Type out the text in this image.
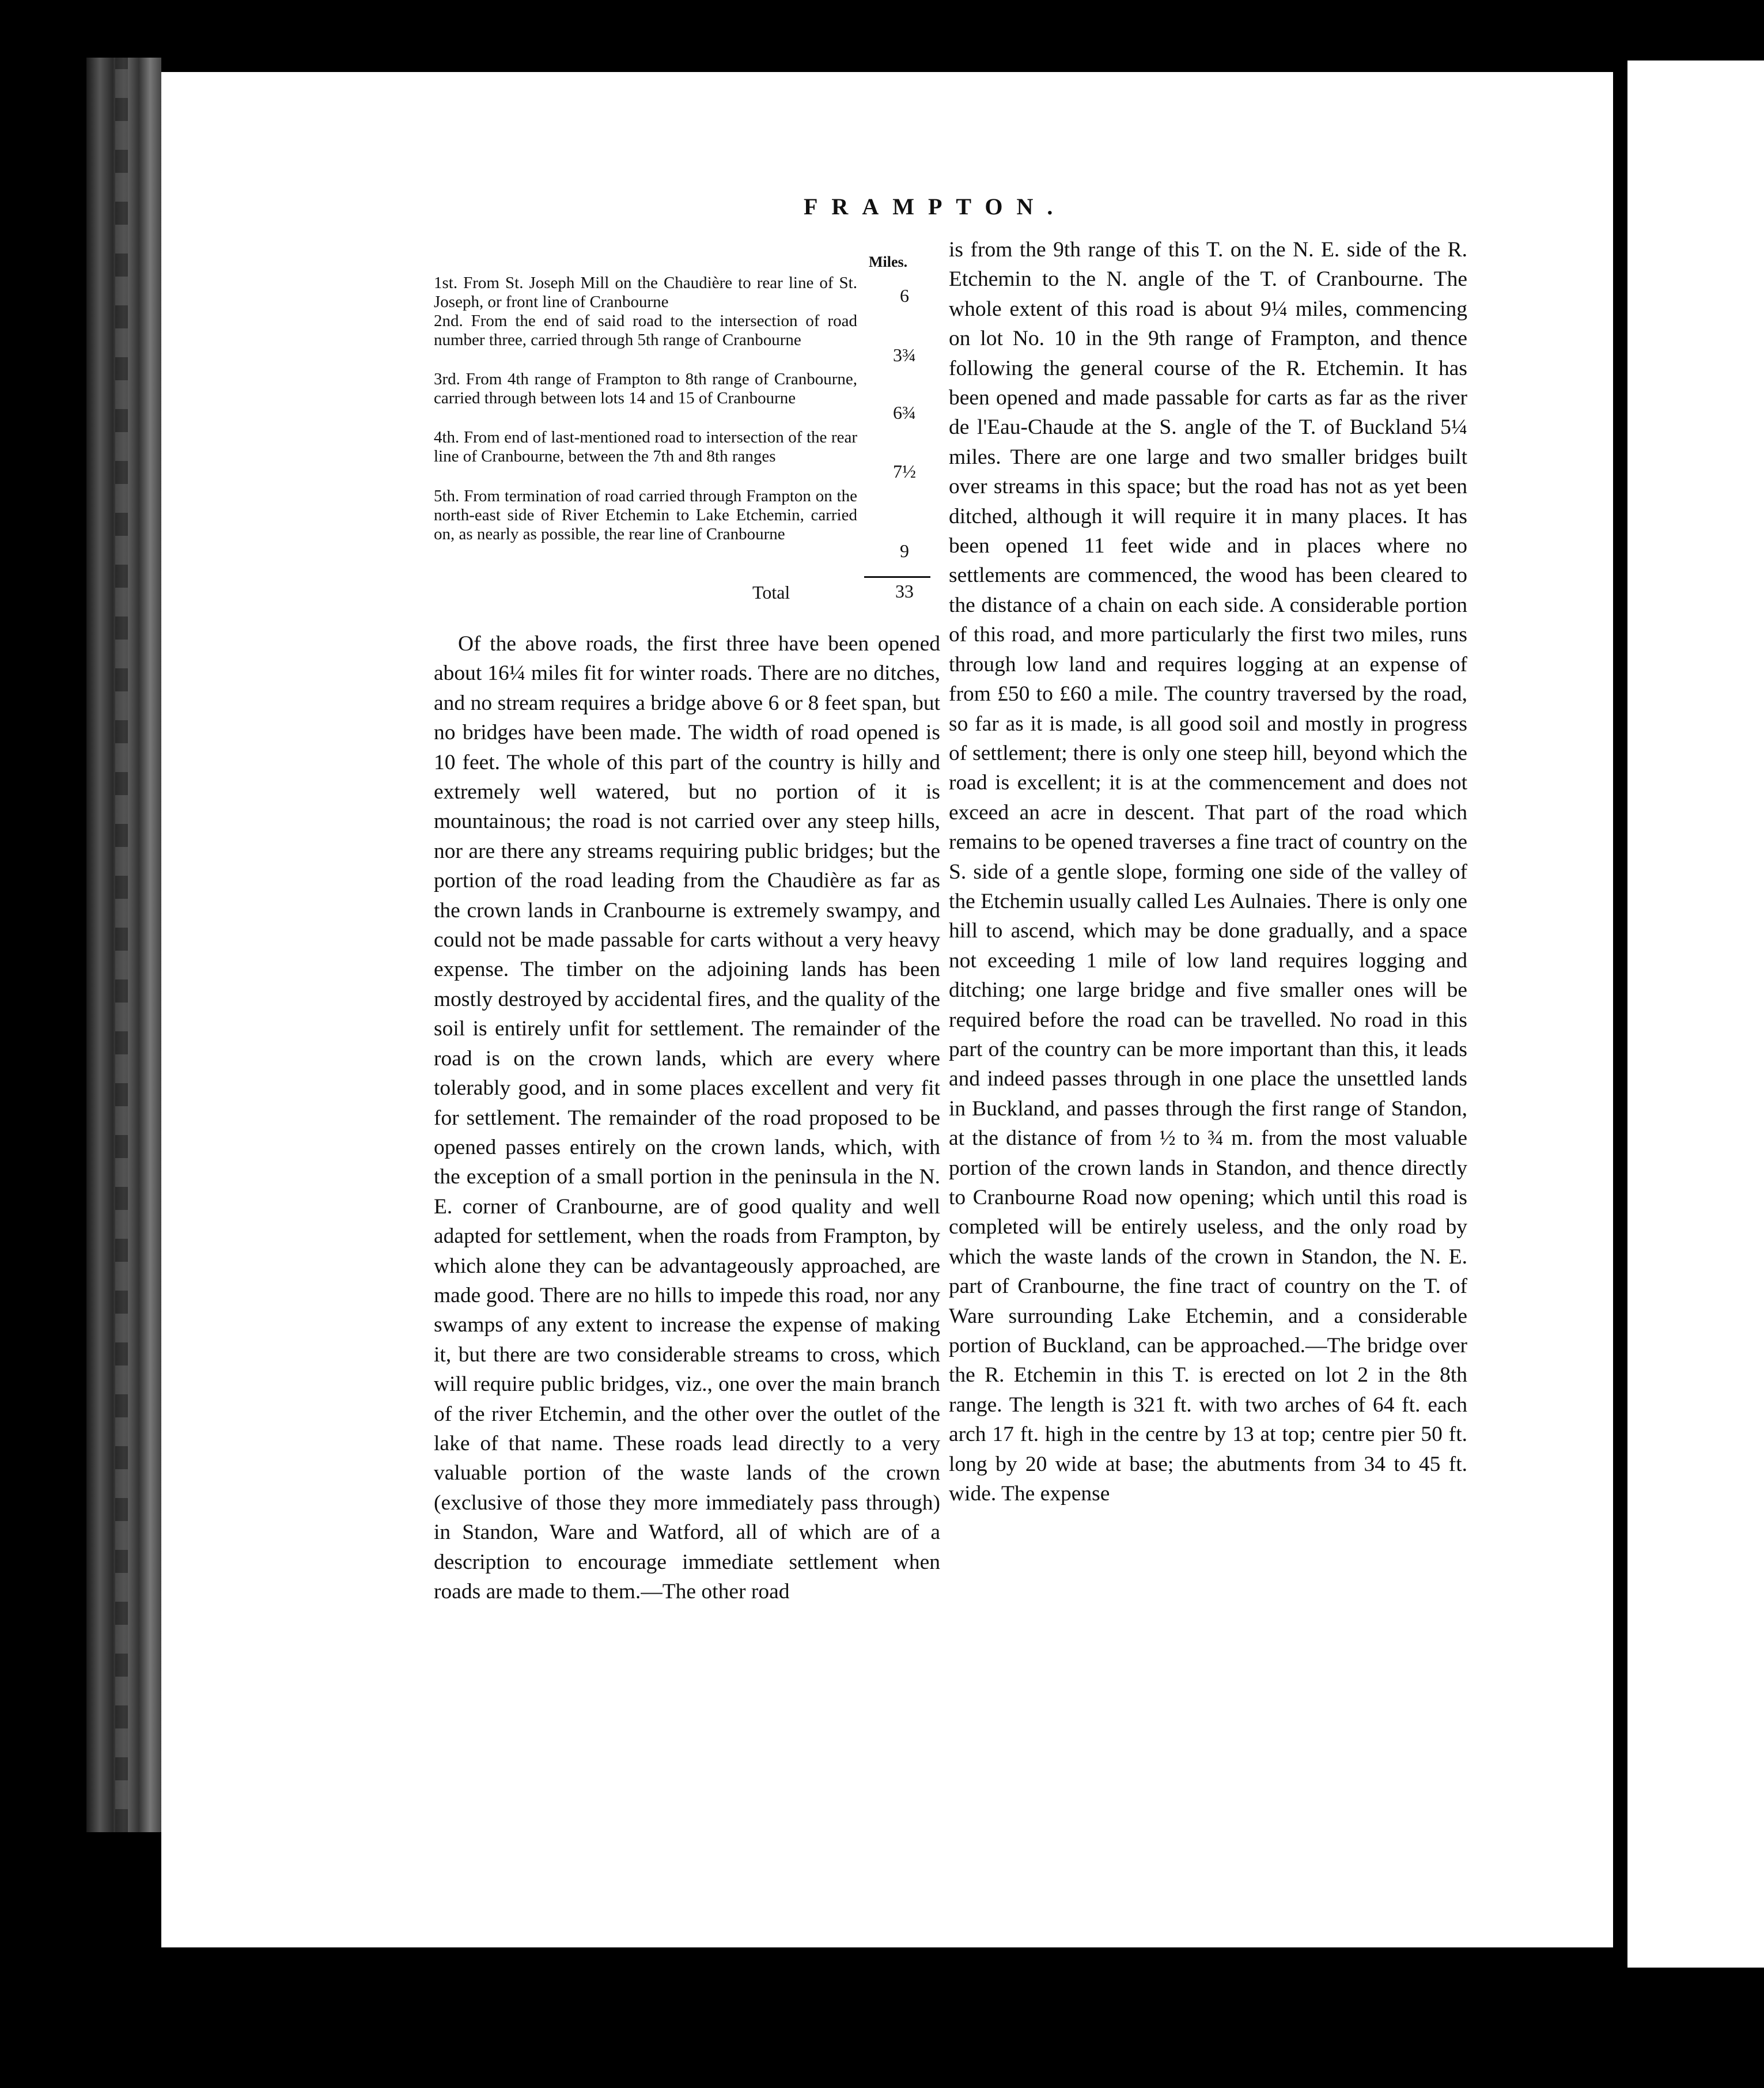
FRAMPTON.
Miles.
1st. From St. Joseph Mill on the Chaudière to rear line of St. Joseph, or front line of Cranbourne	6
2nd. From the end of said road to the intersection of road number three, carried through 5th range of Cranbourne
3¾
3rd. From 4th range of Frampton to 8th range of Cranbourne, carried through between lots 14 and 15 of Cranbourne
6¾
4th. From end of last-mentioned road to intersection of the rear line of Cranbourne, between the 7th and 8th ranges
7½
5th. From termination of road carried through Frampton on the north-east side of River Etchemin to Lake Etchemin, carried on, as nearly as possible, the rear line of Cranbourne
9
Total	33

Of the above roads, the first three have been opened about 16¼ miles fit for winter roads. There are no ditches, and no stream requires a bridge above 6 or 8 feet span, but no bridges have been made. The width of road opened is 10 feet. The whole of this part of the country is hilly and extremely well watered, but no portion of it is mountainous; the road is not carried over any steep hills, nor are there any streams requiring public bridges; but the portion of the road leading from the Chaudière as far as the crown lands in Cranbourne is extremely swampy, and could not be made passable for carts without a very heavy expense. The timber on the adjoining lands has been mostly destroyed by accidental fires, and the quality of the soil is entirely unfit for settlement. The remainder of the road is on the crown lands, which are every where tolerably good, and in some places excellent and very fit for settlement. The remainder of the road proposed to be opened passes entirely on the crown lands, which, with the exception of a small portion in the peninsula in the N. E. corner of Cranbourne, are of good quality and well adapted for settlement, when the roads from Frampton, by which alone they can be advantageously approached, are made good. There are no hills to impede this road, nor any swamps of any extent to increase the expense of making it, but there are two considerable streams to cross, which will require public bridges, viz., one over the main branch of the river Etchemin, and the other over the outlet of the lake of that name. These roads lead directly to a very valuable portion of the waste lands of the crown (exclusive of those they more immediately pass through) in Standon, Ware and Watford, all of which are of a description to encourage immediate settlement when roads are made to them.—The other road

is from the 9th range of this T. on the N. E. side of the R. Etchemin to the N. angle of the T. of Cranbourne. The whole extent of this road is about 9¼ miles, commencing on lot No. 10 in the 9th range of Frampton, and thence following the general course of the R. Etchemin. It has been opened and made passable for carts as far as the river de l'Eau-Chaude at the S. angle of the T. of Buckland 5¼ miles. There are one large and two smaller bridges built over streams in this space; but the road has not as yet been ditched, although it will require it in many places. It has been opened 11 feet wide and in places where no settlements are commenced, the wood has been cleared to the distance of a chain on each side. A considerable portion of this road, and more particularly the first two miles, runs through low land and requires logging at an expense of from £50 to £60 a mile. The country traversed by the road, so far as it is made, is all good soil and mostly in progress of settlement; there is only one steep hill, beyond which the road is excellent; it is at the commencement and does not exceed an acre in descent. That part of the road which remains to be opened traverses a fine tract of country on the S. side of a gentle slope, forming one side of the valley of the Etchemin usually called Les Aulnaies. There is only one hill to ascend, which may be done gradually, and a space not exceeding 1 mile of low land requires logging and ditching; one large bridge and five smaller ones will be required before the road can be travelled. No road in this part of the country can be more important than this, it leads and indeed passes through in one place the unsettled lands in Buckland, and passes through the first range of Standon, at the distance of from ½ to ¾ m. from the most valuable portion of the crown lands in Standon, and thence directly to Cranbourne Road now opening; which until this road is completed will be entirely useless, and the only road by which the waste lands of the crown in Standon, the N. E. part of Cranbourne, the fine tract of country on the T. of Ware surrounding Lake Etchemin, and a considerable portion of Buckland, can be approached.—The bridge over the R. Etchemin in this T. is erected on lot 2 in the 8th range. The length is 321 ft. with two arches of 64 ft. each arch 17 ft. high in the centre by 13 at top; centre pier 50 ft. long by 20 wide at base; the abutments from 34 to 45 ft. wide. The expense
